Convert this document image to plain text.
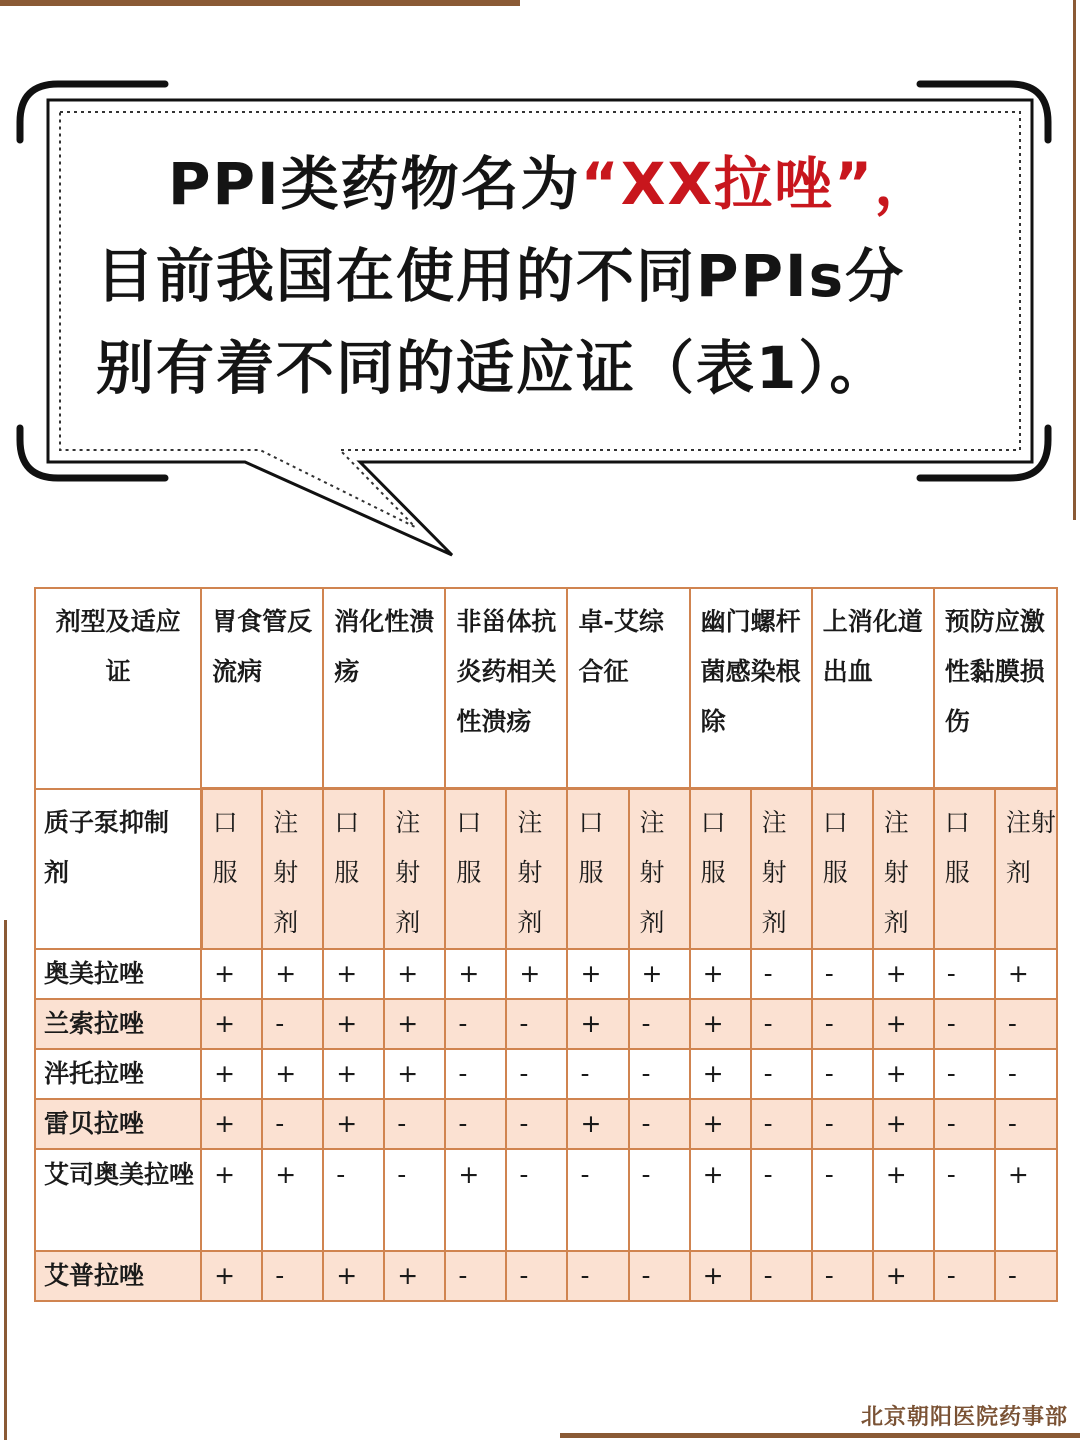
PPI类药物名为“XX拉唑”，
目前我国在使用的不同PPIs分
别有着不同的适应证（表1）。
剂型及适应证	胃食管反流病		消化性溃疡		非甾体抗炎药相关性溃疡		卓-艾综合征		幽门螺杆菌感染根除		上消化道出血		预防应激性黏膜损伤	
质子泵抑制剂	口服	注射剂	口服	注射剂	口服	注射剂	口服	注射剂	口服	注射剂	口服	注射剂	口服	注射剂
奥美拉唑	+	+	+	+	+	+	+	+	+	-	-	+	-	+
兰索拉唑	+	-	+	+	-	-	+	-	+	-	-	+	-	-
泮托拉唑	+	+	+	+	-	-	-	-	+	-	-	+	-	-
雷贝拉唑	+	-	+	-	-	-	+	-	+	-	-	+	-	-
艾司奥美拉唑	+	+	-	-	+	-	-	-	+	-	-	+	-	+
艾普拉唑	+	-	+	+	-	-	-	-	+	-	-	+	-	-
北京朝阳医院药事部
